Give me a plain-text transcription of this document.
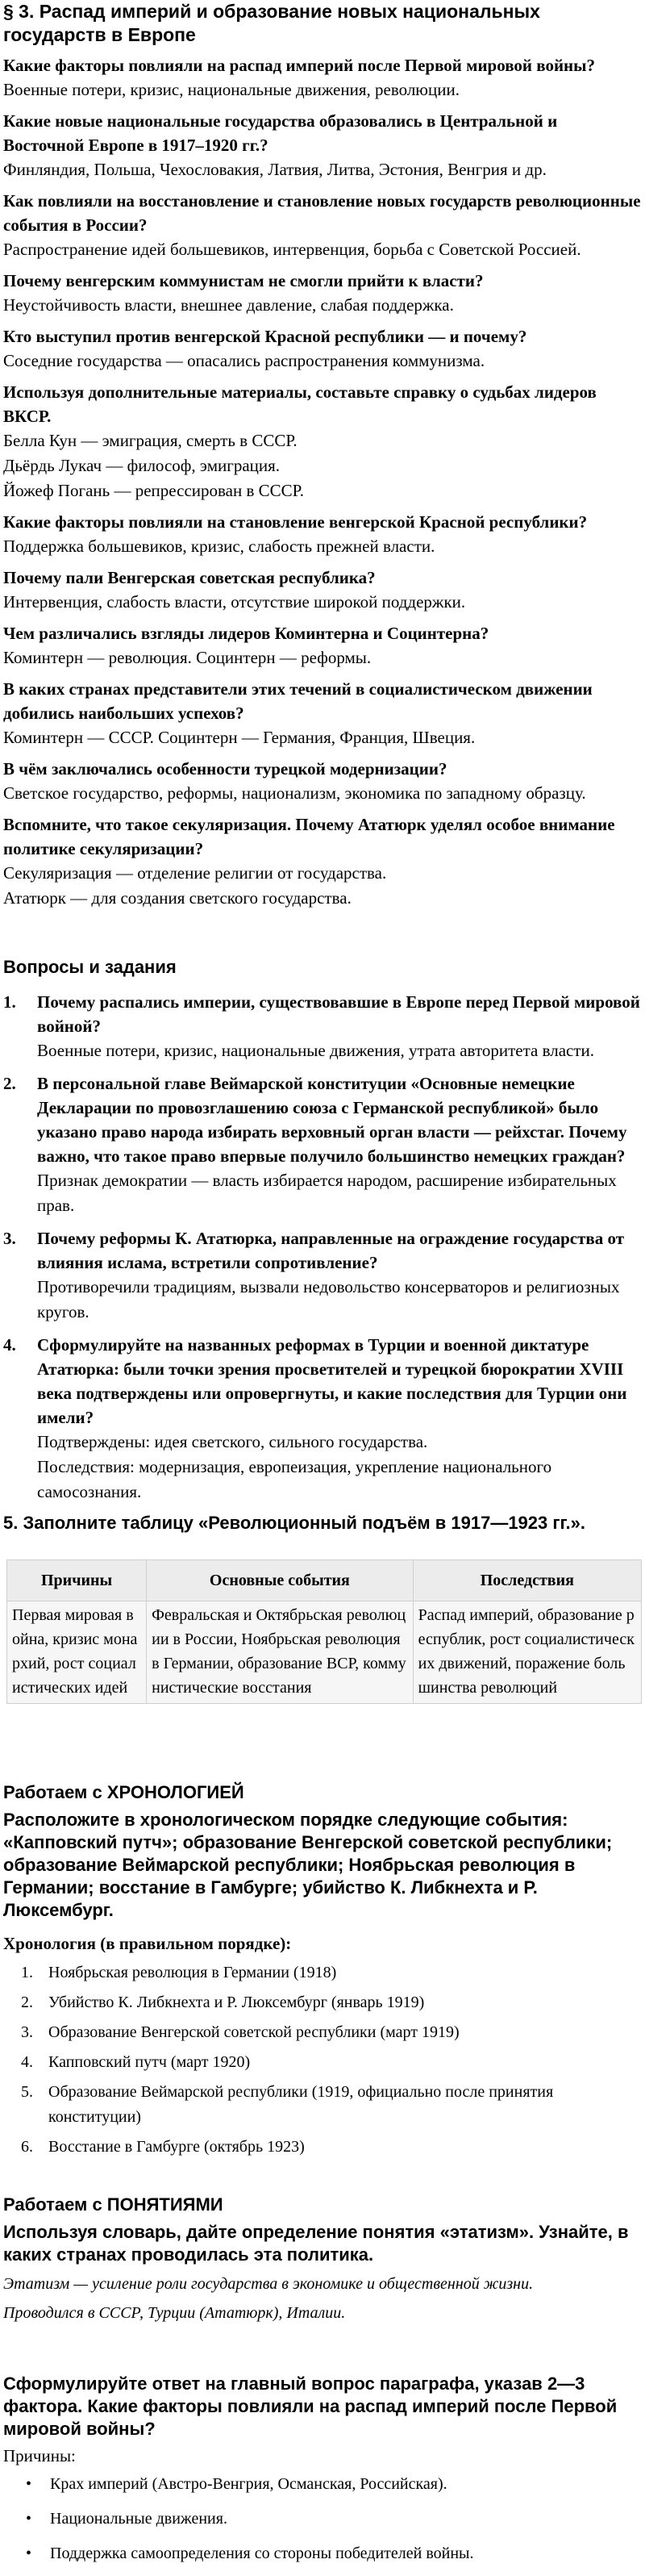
§ 3. Распад империй и образование новых национальных государств в Европе

Какие факторы повлияли на распад империй после Первой мировой войны?

Военные потери, кризис, национальные движения, революции.

Какие новые национальные государства образовались в Центральной и Восточной Европе в 1917–1920 гг.?

Финляндия, Польша, Чехословакия, Латвия, Литва, Эстония, Венгрия и др.

Как повлияли на восстановление и становление новых государств революционные события в России?

Распространение идей большевиков, интервенция, борьба с Советской Россией.

Почему венгерским коммунистам не смогли прийти к власти?

Неустойчивость власти, внешнее давление, слабая поддержка.

Кто выступил против венгерской Красной республики — и почему?

Соседние государства — опасались распространения коммунизма.

Используя дополнительные материалы, составьте справку о судьбах лидеров ВКСР.

Белла Кун — эмиграция, смерть в СССР.

Дьёрдь Лукач — философ, эмиграция.

Йожеф Погань — репрессирован в СССР.

Какие факторы повлияли на становление венгерской Красной республики?

Поддержка большевиков, кризис, слабость прежней власти.

Почему пали Венгерская советская республика?

Интервенция, слабость власти, отсутствие широкой поддержки.

Чем различались взгляды лидеров Коминтерна и Социнтерна?

Коминтерн — революция. Социнтерн — реформы.

В каких странах представители этих течений в социалистическом движении добились наибольших успехов?

Коминтерн — СССР. Социнтерн — Германия, Франция, Швеция.

В чём заключались особенности турецкой модернизации?

Светское государство, реформы, национализм, экономика по западному образцу.

Вспомните, что такое секуляризация. Почему Ататюрк уделял особое внимание политике секуляризации?

Секуляризация — отделение религии от государства.

Ататюрк — для создания светского государства.

Вопросы и задания
1.	Почему распались империи, существовавшие в Европе перед Первой мировой войной?

Военные потери, кризис, национальные движения, утрата авторитета власти.

2.	В персональной главе Веймарской конституции «Основные немецкие Декларации по провозглашению союза с Германской республикой» было указано право народа избирать верховный орган власти — рейхстаг. Почему важно, что такое право впервые получило большинство немецких граждан?

Признак демократии — власть избирается народом, расширение избирательных прав.

3.	Почему реформы К. Ататюрка, направленные на ограждение государства от влияния ислама, встретили сопротивление?

Противоречили традициям, вызвали недовольство консерваторов и религиозных кругов.

4.	Сформулируйте на названных реформах в Турции и военной диктатуре Ататюрка: были точки зрения просветителей и турецкой бюрократии XVIII века подтверждены или опровергнуты, и какие последствия для Турции они имели?

Подтверждены: идея светского, сильного государства.

Последствия: модернизация, европеизация, укрепление национального самосознания.

5. Заполните таблицу «Революционный подъём в 1917—1923 гг.».

Причины	Основные события	Последствия
Первая мировая война, кризис монархий, рост социалистических идей	Февральская и Октябрьская революции в России, Ноябрьская революция в Германии, образование ВСР, коммунистические восстания	Распад империй, образование республик, рост социалистических движений, поражение большинства революций
Работаем с ХРОНОЛОГИЕЙ

Расположите в хронологическом порядке следующие события: «Капповский путч»; образование Венгерской советской республики; образование Веймарской республики; Ноябрьская революция в Германии; восстание в Гамбурге; убийство К. Либкнехта и Р. Люксембург.

Хронология (в правильном порядке):

1. Ноябрьская революция в Германии (1918)
2. Убийство К. Либкнехта и Р. Люксембург (январь 1919)
3. Образование Венгерской советской республики (март 1919)
4. Капповский путч (март 1920)
5. Образование Веймарской республики (1919, официально после принятия конституции)
6. Восстание в Гамбурге (октябрь 1923)
Работаем с ПОНЯТИЯМИ

Используя словарь, дайте определение понятия «этатизм». Узнайте, в каких странах проводилась эта политика.

Этатизм — усиление роли государства в экономике и общественной жизни.

Проводился в СССР, Турции (Ататюрк), Италии.

Сформулируйте ответ на главный вопрос параграфа, указав 2—3 фактора. Какие факторы повлияли на распад империй после Первой мировой войны?

Причины:

•	Крах империй (Австро-Венгрия, Османская, Российская).
•	Национальные движения.
•	Поддержка самоопределения со стороны победителей войны.
